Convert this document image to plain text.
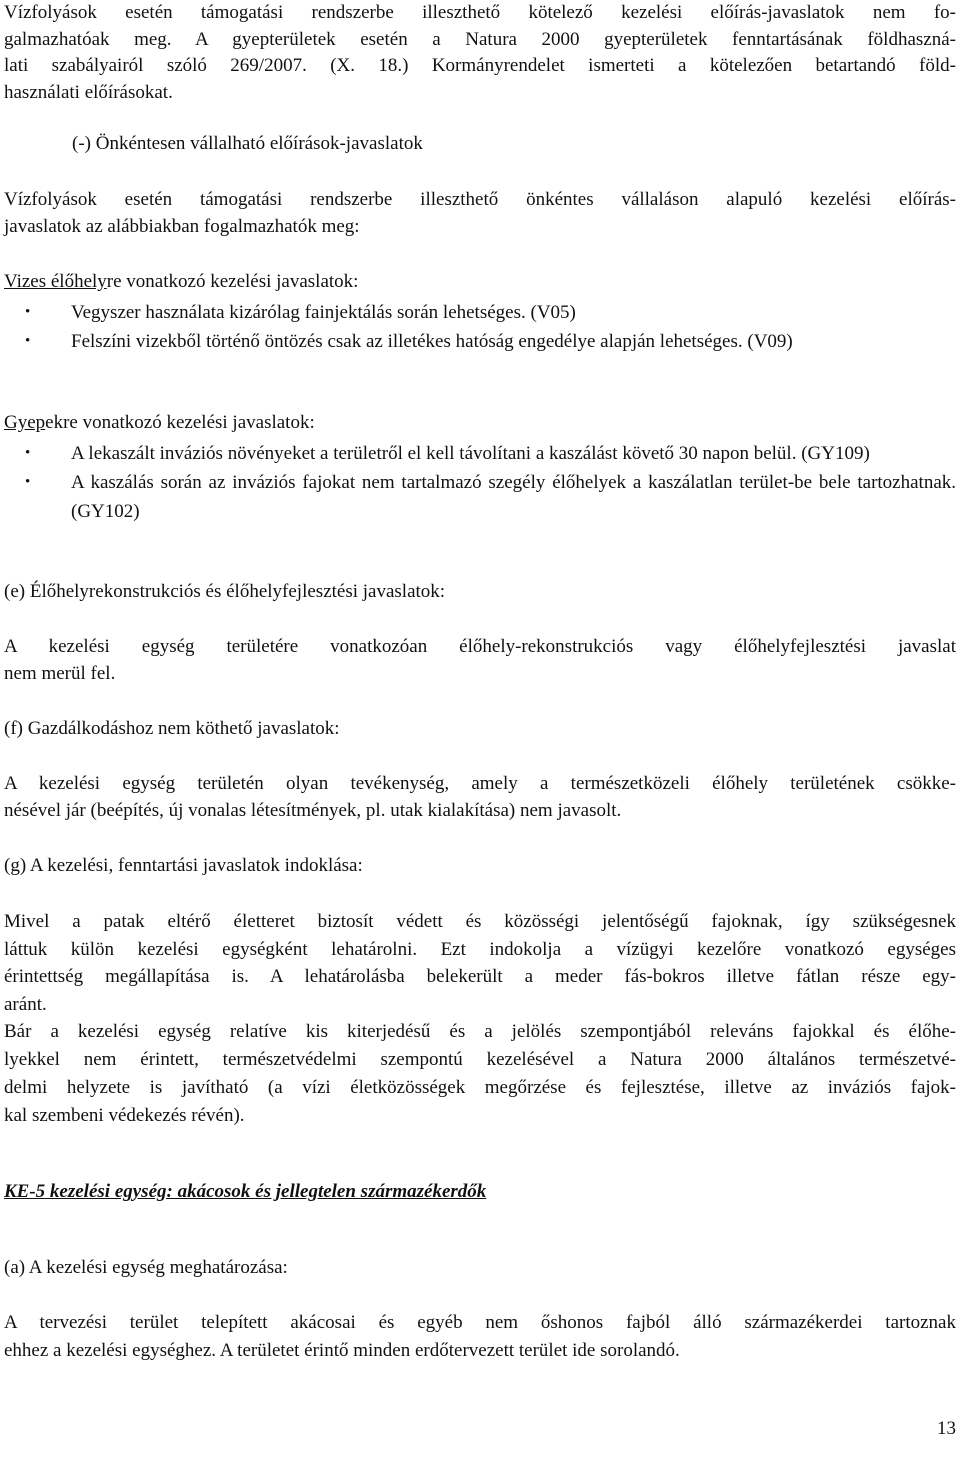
Vízfolyások esetén támogatási rendszerbe illeszthető kötelező kezelési előírás-javaslatok nem fo-
galmazhatóak meg. A gyepterületek esetén a Natura 2000 gyepterületek fenntartásának földhaszná-
lati szabályairól szóló 269/2007. (X. 18.) Kormányrendelet ismerteti a kötelezően betartandó föld-
használati előírásokat.
(-) Önkéntesen vállalható előírások-javaslatok
Vízfolyások esetén támogatási rendszerbe illeszthető önkéntes vállaláson alapuló kezelési előírás-
javaslatok az alábbiakban fogalmazhatók meg:
Vizes élőhelyre vonatkozó kezelési javaslatok:
• Vegyszer használata kizárólag fainjektálás során lehetséges. (V05)
• Felszíni vizekből történő öntözés csak az illetékes hatóság engedélye alapján lehetséges. (V09)
Gyepekre vonatkozó kezelési javaslatok:
• A lekaszált inváziós növényeket a területről el kell távolítani a kaszálást követő 30 napon belül. (GY109)
• A kaszálás során az inváziós fajokat nem tartalmazó szegély élőhelyek a kaszálatlan terület-be bele tartozhatnak. (GY102)
(e) Élőhelyrekonstrukciós és élőhelyfejlesztési javaslatok:
A kezelési egység területére vonatkozóan élőhely-rekonstrukciós vagy élőhelyfejlesztési javaslat
nem merül fel.
(f) Gazdálkodáshoz nem köthető javaslatok:
A kezelési egység területén olyan tevékenység, amely a természetközeli élőhely területének csökke-
nésével jár (beépítés, új vonalas létesítmények, pl. utak kialakítása) nem javasolt.
(g) A kezelési, fenntartási javaslatok indoklása:
Mivel a patak eltérő életteret biztosít védett és közösségi jelentőségű fajoknak, így szükségesnek
láttuk külön kezelési egységként lehatárolni. Ezt indokolja a vízügyi kezelőre vonatkozó egységes
érintettség megállapítása is. A lehatárolásba belekerült a meder fás-bokros illetve fátlan része egy-
aránt.
Bár a kezelési egység relatíve kis kiterjedésű és a jelölés szempontjából releváns fajokkal és élőhe-
lyekkel nem érintett, természetvédelmi szempontú kezelésével a Natura 2000 általános természetvé-
delmi helyzete is javítható (a vízi életközösségek megőrzése és fejlesztése, illetve az inváziós fajok-
kal szembeni védekezés révén).
KE-5 kezelési egység: akácosok és jellegtelen származékerdők
(a) A kezelési egység meghatározása:
A tervezési terület telepített akácosai és egyéb nem őshonos fajból álló származékerdei tartoznak
ehhez a kezelési egységhez. A területet érintő minden erdőtervezett terület ide sorolandó.
13
